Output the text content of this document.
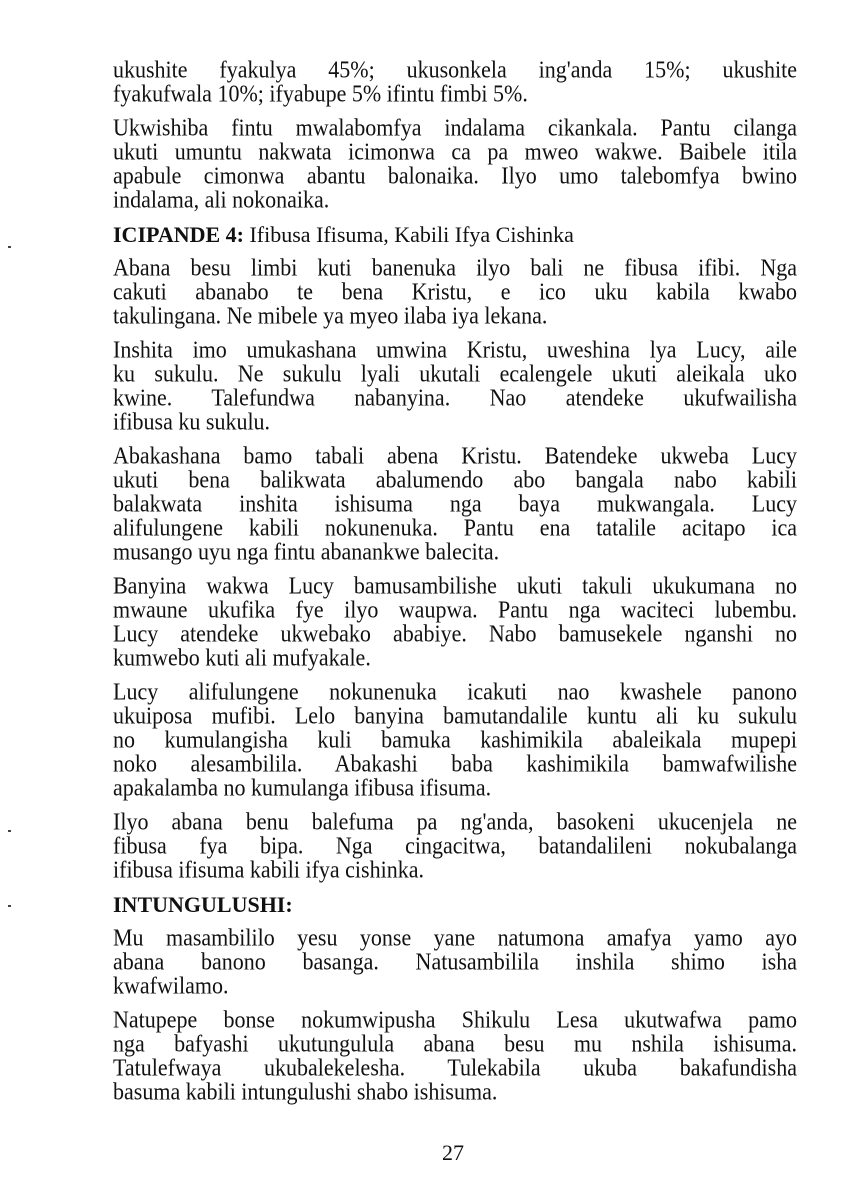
ukushite fyakulya 45%; ukusonkela ing'anda 15%; ukushite
fyakufwala 10%; ifyabupe 5% ifintu fimbi 5%.
Ukwishiba fintu mwalabomfya indalama cikankala. Pantu cilanga
ukuti umuntu nakwata icimonwa ca pa mweo wakwe. Baibele itila
apabule cimonwa abantu balonaika. Ilyo umo talebomfya bwino
indalama, ali nokonaika.
ICIPANDE 4: Ifibusa Ifisuma, Kabili Ifya Cishinka
Abana besu limbi kuti banenuka ilyo bali ne fibusa ifibi. Nga
cakuti abanabo te bena Kristu, e ico uku kabila kwabo
takulingana. Ne mibele ya myeo ilaba iya lekana.
Inshita imo umukashana umwina Kristu, uweshina lya Lucy, aile
ku sukulu. Ne sukulu lyali ukutali ecalengele ukuti aleikala uko
kwine. Talefundwa nabanyina. Nao atendeke ukufwailisha
ifibusa ku sukulu.
Abakashana bamo tabali abena Kristu. Batendeke ukweba Lucy
ukuti bena balikwata abalumendo abo bangala nabo kabili
balakwata inshita ishisuma nga baya mukwangala. Lucy
alifulungene kabili nokunenuka. Pantu ena tatalile acitapo ica
musango uyu nga fintu abanankwe balecita.
Banyina wakwa Lucy bamusambilishe ukuti takuli ukukumana no
mwaune ukufika fye ilyo waupwa. Pantu nga waciteci lubembu.
Lucy atendeke ukwebako ababiye. Nabo bamusekele nganshi no
kumwebo kuti ali mufyakale.
Lucy alifulungene nokunenuka icakuti nao kwashele panono
ukuiposa mufibi. Lelo banyina bamutandalile kuntu ali ku sukulu
no kumulangisha kuli bamuka kashimikila abaleikala mupepi
noko alesambilila. Abakashi baba kashimikila bamwafwilishe
apakalamba no kumulanga ifibusa ifisuma.
Ilyo abana benu balefuma pa ng'anda, basokeni ukucenjela ne
fibusa fya bipa. Nga cingacitwa, batandalileni nokubalanga
ifibusa ifisuma kabili ifya cishinka.
INTUNGULUSHI:
Mu masambililo yesu yonse yane natumona amafya yamo ayo
abana banono basanga. Natusambilila inshila shimo isha
kwafwilamo.
Natupepe bonse nokumwipusha Shikulu Lesa ukutwafwa pamo
nga bafyashi ukutungulula abana besu mu nshila ishisuma.
Tatulefwaya ukubalekelesha. Tulekabila ukuba bakafundisha
basuma kabili intungulushi shabo ishisuma.
27
